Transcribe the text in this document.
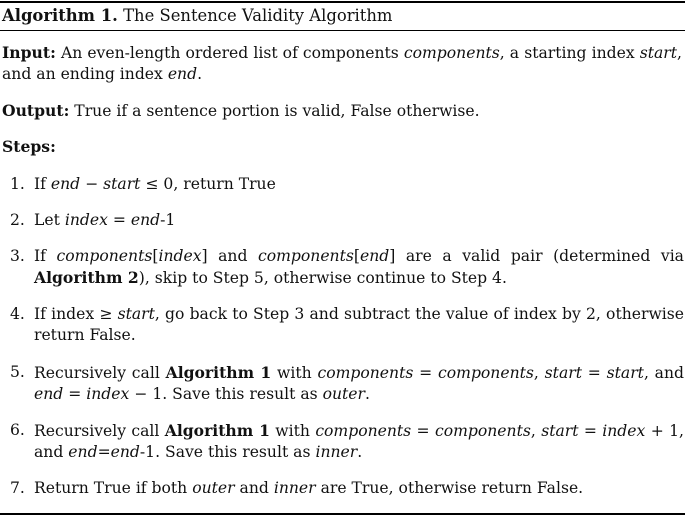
Algorithm 1. The Sentence Validity Algorithm
Input: An even-length ordered list of components components, a starting index start, and an ending index end.
Output: True if a sentence portion is valid, False otherwise.
Steps:
1. If end − start ≤ 0, return True
2. Let index = end-1
3. If components[index] and components[end] are a valid pair (determined via Algorithm 2), skip to Step 5, otherwise continue to Step 4.
4. If index ≥ start, go back to Step 3 and subtract the value of index by 2, otherwise return False.
5. Recursively call Algorithm 1 with components = components, start = start, and end = index − 1. Save this result as outer.
6. Recursively call Algorithm 1 with components = components, start = index + 1, and end=end-1. Save this result as inner.
7. Return True if both outer and inner are True, otherwise return False.
